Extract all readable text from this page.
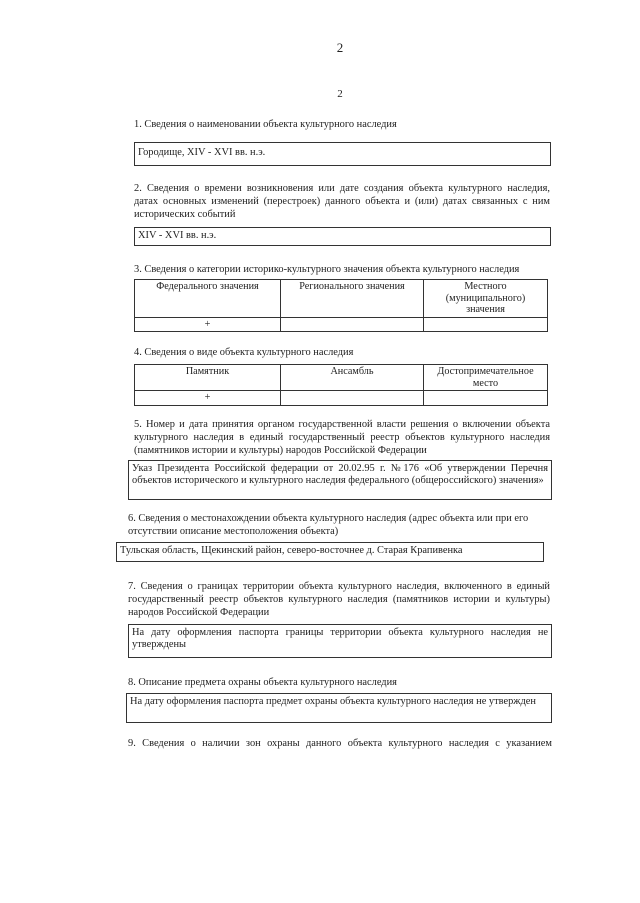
2
2
1. Сведения о наименовании объекта культурного наследия
Городище, XIV - XVI вв. н.э.
2. Сведения о времени возникновения или дате создания объекта культурного наследия, датах основных изменений (перестроек) данного объекта и (или) датах связанных с ним исторических событий
XIV - XVI вв. н.э.
3. Сведения о категории историко-культурного значения объекта культурного наследия
Федерального значения	Регионального значения	Местного (муниципального) значения
+		
4. Сведения о виде объекта культурного наследия
Памятник	Ансамбль	Достопримечательное место
+		
5. Номер и дата принятия органом государственной власти решения о включении объекта культурного наследия в единый государственный реестр объектов культурного наследия (памятников истории и культуры) народов Российской Федерации
Указ Президента Российской федерации от 20.02.95 г. №176 «Об утверждении Перечня объектов исторического и культурного наследия федерального (общероссийского) значения»
6. Сведения о местонахождении объекта культурного наследия (адрес объекта или при его отсутствии описание местоположения объекта)
Тульская область, Щекинский район, северо-восточнее д. Старая Крапивенка
7. Сведения о границах территории объекта культурного наследия, включенного в единый государственный реестр объектов культурного наследия (памятников истории и культуры) народов Российской Федерации
На дату оформления паспорта границы территории объекта культурного наследия не утверждены
8. Описание предмета охраны объекта культурного наследия
На дату оформления паспорта предмет охраны объекта культурного наследия не утвержден
9. Сведения о наличии зон охраны данного объекта культурного наследия с указанием
